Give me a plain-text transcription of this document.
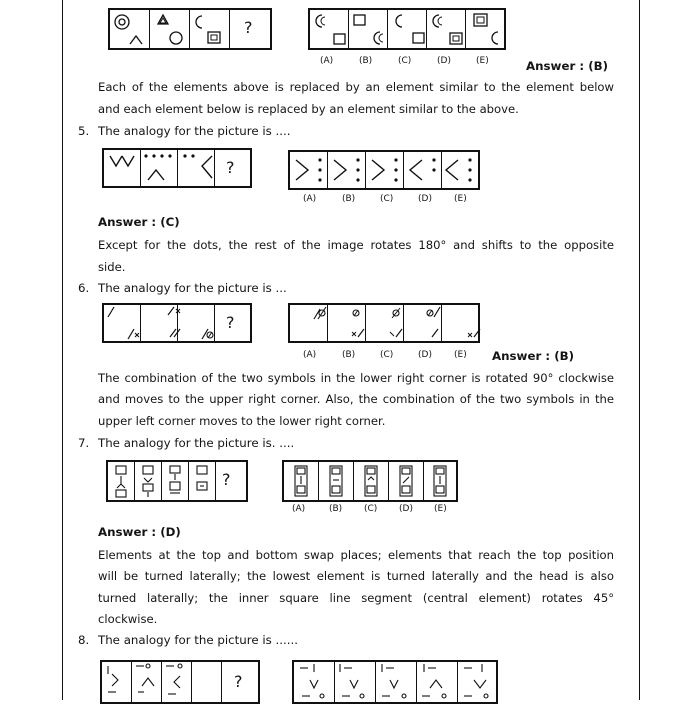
?
(A)	(B)	(C)	(D)	(E)	Answer : (B)
Each of the elements above is replaced by an element similar to the element below
and each element below is replaced by an element similar to the above.
5. The analogy for the picture is ....
?
(A)	(B)	(C)	(D) (E)
Answer : (C)
Except for the dots, the rest of the image rotates 180° and shifts to the opposite
side.
6. The analogy for the picture is ...
?
(A)	(B)	(C)	(D) (E) Answer : (B)
The combination of the two symbols in the lower right corner is rotated 90° clockwise
and moves to the upper right corner. Also, the combination of the two symbols in the
upper left corner moves to the lower right corner.
7. The analogy for the picture is. ....
?
(A)	(B) (C) (D) (E)
Answer : (D)
Elements at the top and bottom swap places; elements that reach the top position
will be turned laterally; the lowest element is turned laterally and the head is also
turned laterally; the inner square line segment (central element) rotates 45°
clockwise.
8. The analogy for the picture is ......
?
